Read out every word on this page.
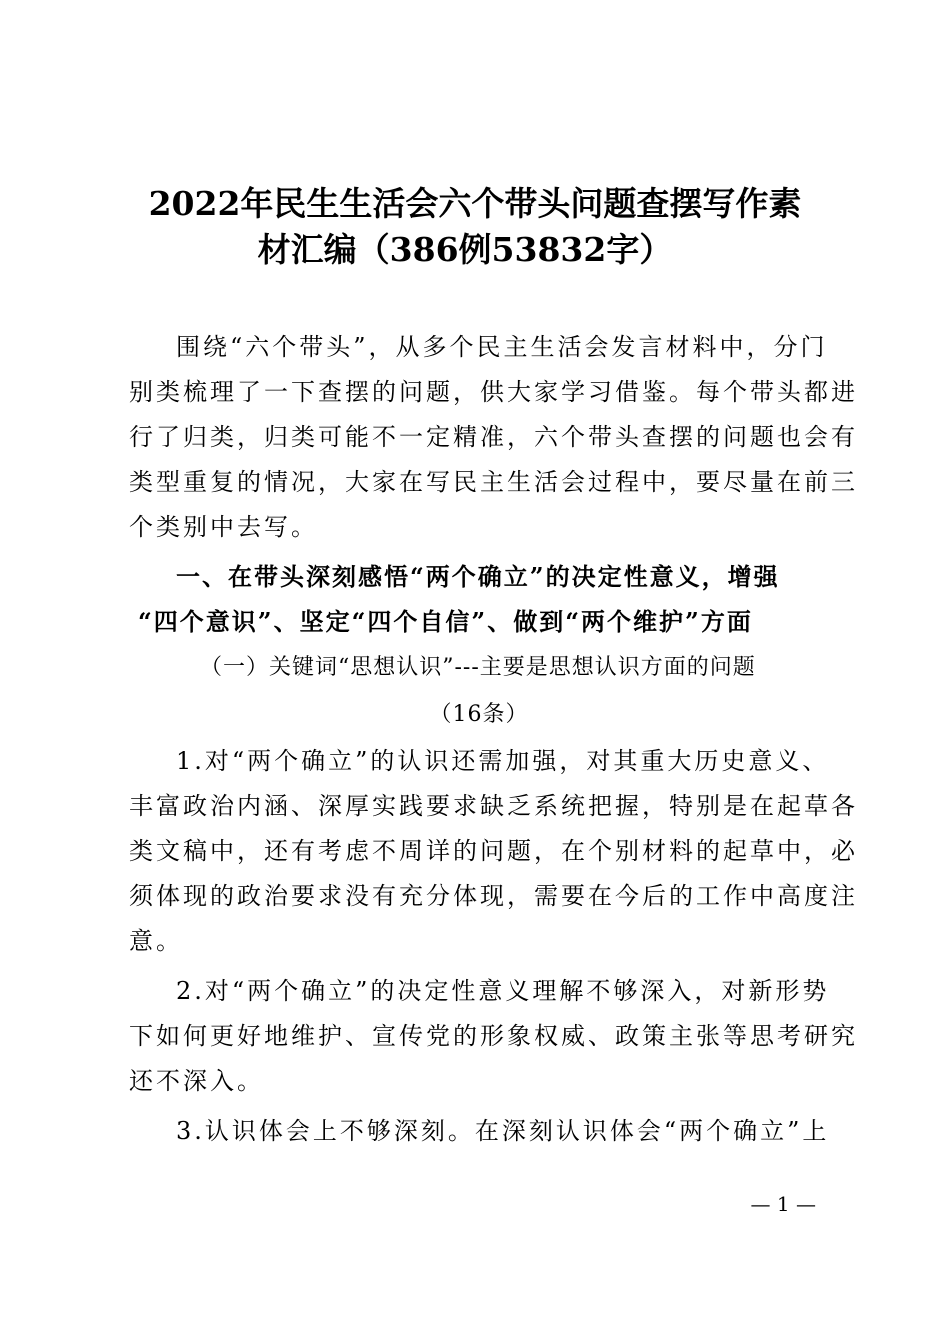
2022年民生生活会六个带头问题查摆写作素
材汇编（386例53832字）
围绕“六个带头”，从多个民主生活会发言材料中，分门
别类梳理了一下查摆的问题，供大家学习借鉴。每个带头都进
行了归类，归类可能不一定精准，六个带头查摆的问题也会有
类型重复的情况，大家在写民主生活会过程中，要尽量在前三
个类别中去写。
一、在带头深刻感悟“两个确立”的决定性意义，增强
“四个意识”、坚定“四个自信”、做到“两个维护”方面
（一）关键词“思想认识”---主要是思想认识方面的问题
（16条）
1.对“两个确立”的认识还需加强，对其重大历史意义、
丰富政治内涵、深厚实践要求缺乏系统把握，特别是在起草各
类文稿中，还有考虑不周详的问题，在个别材料的起草中，必
须体现的政治要求没有充分体现，需要在今后的工作中高度注
意。
2.对“两个确立”的决定性意义理解不够深入，对新形势
下如何更好地维护、宣传党的形象权威、政策主张等思考研究
还不深入。
3.认识体会上不够深刻。在深刻认识体会“两个确立”上
— 1 —
